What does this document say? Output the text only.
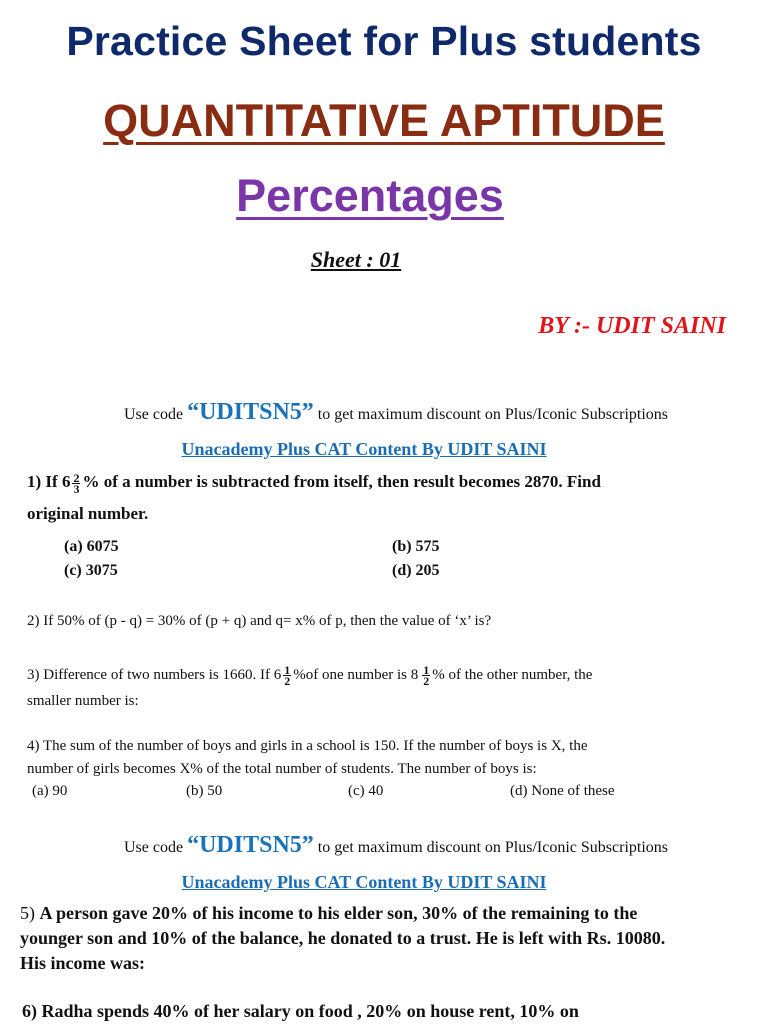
Practice Sheet for Plus students
QUANTITATIVE APTITUDE
Percentages
Sheet : 01
BY :- UDIT SAINI
Use code “UDITSN5” to get maximum discount on Plus/Iconic Subscriptions
Unacademy Plus CAT Content By UDIT SAINI
1) If $6 \frac{2}{3}$ % of a number is subtracted from itself, then result becomes 2870. Find
original number.
(a) 6075	(b) 575
(c) 3075	(d) 205
2) If 50% of (p - q) = 30% of (p + q) and q= x% of p, then the value of ‘x’ is?
3) Difference of two numbers is 1660. If $6 \frac{1}{2} \%of$ one number is $8 \frac{1}{2}$ % of the other number, the
smaller number is:
4) The sum of the number of boys and girls in a school is 150. If the number of boys is X, the
number of girls becomes X% of the total number of students. The number of boys is:
(a) 90	(b) 50	(c) 40	(d) None of these
Use code “UDITSN5” to get maximum discount on Plus/Iconic Subscriptions
Unacademy Plus CAT Content By UDIT SAINI
5) A person gave 20% of his income to his elder son, 30% of the remaining to the
younger son and 10% of the balance, he donated to a trust. He is left with Rs. 10080.
His income was:
6) Radha spends 40% of her salary on food , 20% on house rent, 10% on
